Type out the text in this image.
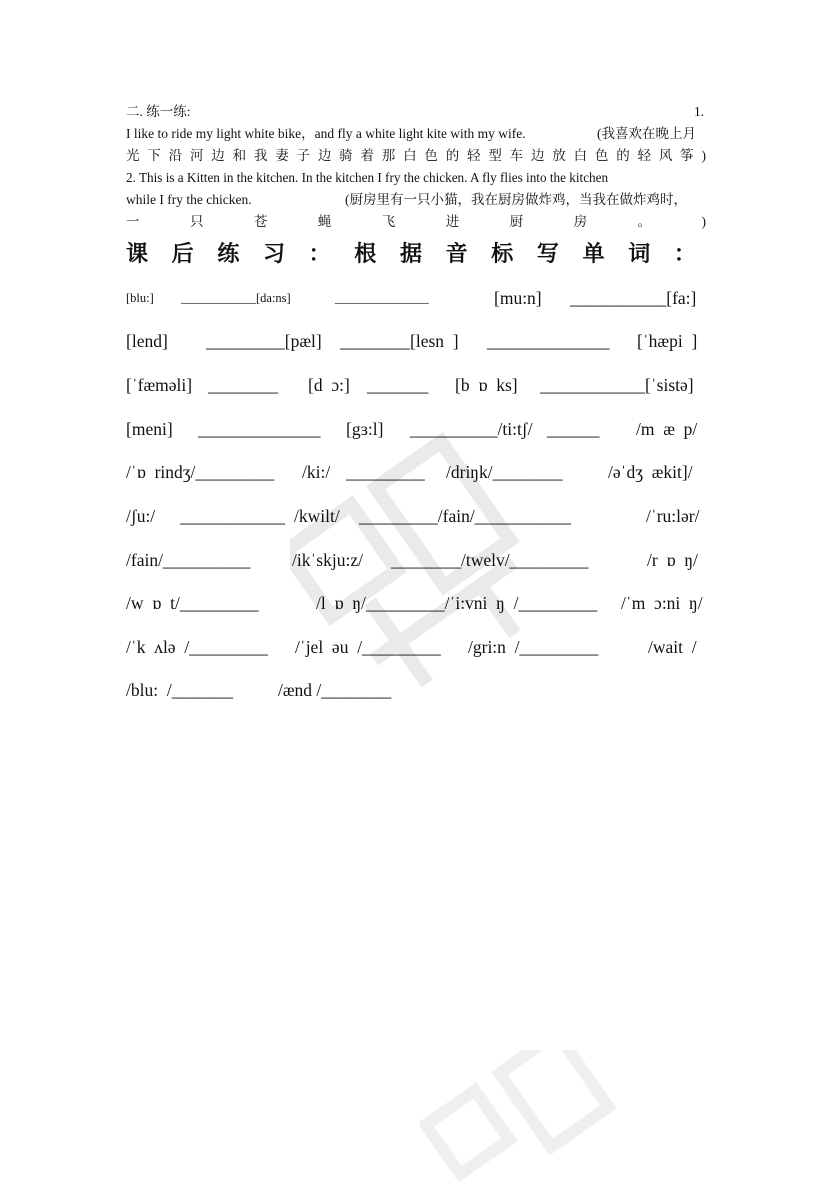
二. 练一练:	1.
I like to ride my light white bike，and fly a white light kite with my wife.	(我喜欢在晚上月
光 下 沿 河 边 和 我 妻 子 边 骑 着 那 白 色 的 轻 型 车 边 放 白 色 的 轻 风 筝 )
2. This is a Kitten in the kitchen. In the kitchen I fry the chicken. A fly flies into the kitchen
while I fry the chicken.	(厨房里有一只小猫，我在厨房做炸鸡，当我在做炸鸡时，
一	只	苍	蝇	飞	进	厨	房	。	)
课 后 练 习 ： 根 据 音 标 写 单 词 ：
[blu:] ____________[da:ns]	_______________	[mu:n] ___________[fa:]
[lend] _________[pæl] ________[lesn  ] ______________ [ˈhæpi  ]
[ˈfæməli] ________ [d  ɔ:] _______ [b  ɒ  ks] ____________[ˈsistə]
[meni] ______________ [gɜ:l] __________/ti:tʃ/ ______ /m  æ  p/
/ˈɒ  rindʒ/_________ /ki:/ _________ /driŋk/________	/əˈdʒ  ækit]/
/ʃu:/ ____________ /kwilt/ _________/fain/___________	/ˈru:lər/
/fain/__________ /ikˈskju:z/ ________/twelv/_________	/r  ɒ  ŋ/
/w  ɒ  t/_________	/l  ɒ  ŋ/_________/ˈi:vni  ŋ  /_________ /ˈm  ɔ:ni  ŋ/
/ˈk  ʌlə  /_________ /ˈjel  əu  /_________ /gri:n  /_________	/wait  /
/blu:  /_______	/ænd /________
